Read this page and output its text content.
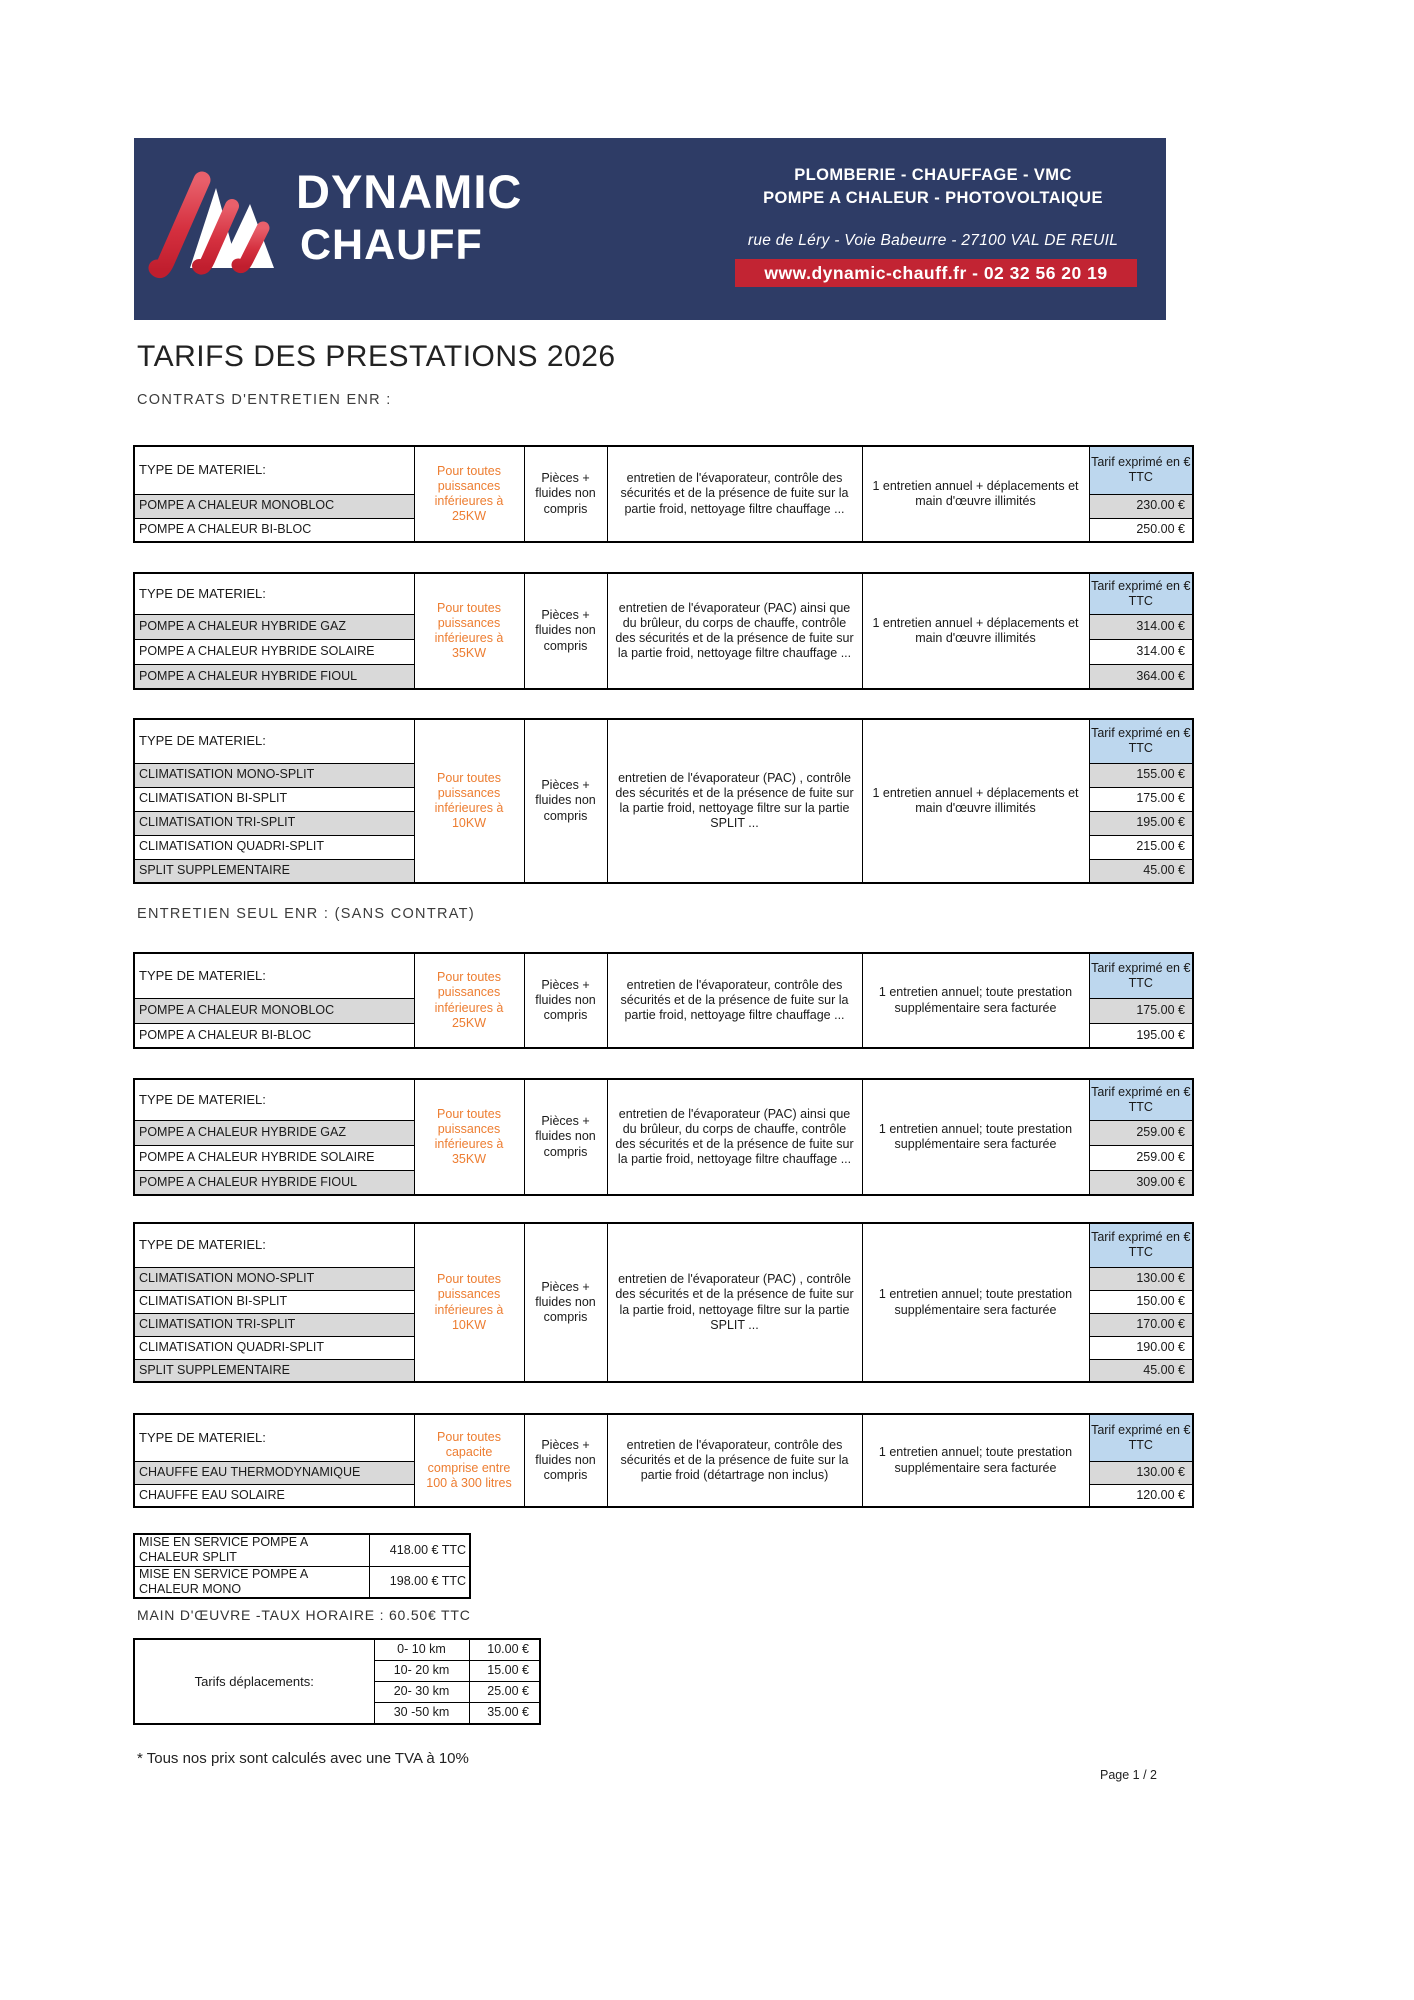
DYNAMIC
CHAUFF
PLOMBERIE - CHAUFFAGE - VMC
POMPE A CHALEUR - PHOTOVOLTAIQUE
rue de Léry - Voie Babeurre - 27100 VAL DE REUIL
www.dynamic-chauff.fr - 02 32 56 20 19
TARIFS DES PRESTATIONS 2026
CONTRATS D'ENTRETIEN ENR :
TYPE DE MATERIEL:	Pour toutes puissances inférieures à 25KW	Pièces + fluides non compris	entretien de l'évaporateur, contrôle des sécurités et de la présence de fuite sur la partie froid, nettoyage filtre chauffage ...	1 entretien annuel + déplacements et main d'œuvre illimités	Tarif exprimé en € TTC
POMPE A CHALEUR MONOBLOC					230.00 €
POMPE A CHALEUR BI-BLOC					250.00 €
TYPE DE MATERIEL:	Pour toutes puissances inférieures à 35KW	Pièces + fluides non compris	entretien de l'évaporateur (PAC) ainsi que du brûleur, du corps de chauffe, contrôle des sécurités et de la présence de fuite sur la partie froid, nettoyage filtre chauffage ...	1 entretien annuel + déplacements et main d'œuvre illimités	Tarif exprimé en € TTC
POMPE A CHALEUR HYBRIDE GAZ					314.00 €
POMPE A CHALEUR HYBRIDE SOLAIRE					314.00 €
POMPE A CHALEUR HYBRIDE FIOUL					364.00 €
TYPE DE MATERIEL:	Pour toutes puissances inférieures à 10KW	Pièces + fluides non compris	entretien de l'évaporateur (PAC) , contrôle des sécurités et de la présence de fuite sur la partie froid, nettoyage filtre sur la partie SPLIT ...	1 entretien annuel + déplacements et main d'œuvre illimités	Tarif exprimé en € TTC
CLIMATISATION MONO-SPLIT					155.00 €
CLIMATISATION BI-SPLIT					175.00 €
CLIMATISATION TRI-SPLIT					195.00 €
CLIMATISATION QUADRI-SPLIT					215.00 €
SPLIT SUPPLEMENTAIRE					45.00 €
ENTRETIEN SEUL ENR : (SANS CONTRAT)
TYPE DE MATERIEL:	Pour toutes puissances inférieures à 25KW	Pièces + fluides non compris	entretien de l'évaporateur, contrôle des sécurités et de la présence de fuite sur la partie froid, nettoyage filtre chauffage ...	1 entretien annuel; toute prestation supplémentaire sera facturée	Tarif exprimé en € TTC
POMPE A CHALEUR MONOBLOC					175.00 €
POMPE A CHALEUR BI-BLOC					195.00 €
TYPE DE MATERIEL:	Pour toutes puissances inférieures à 35KW	Pièces + fluides non compris	entretien de l'évaporateur (PAC) ainsi que du brûleur, du corps de chauffe, contrôle des sécurités et de la présence de fuite sur la partie froid, nettoyage filtre chauffage ...	1 entretien annuel; toute prestation supplémentaire sera facturée	Tarif exprimé en € TTC
POMPE A CHALEUR HYBRIDE GAZ					259.00 €
POMPE A CHALEUR HYBRIDE SOLAIRE					259.00 €
POMPE A CHALEUR HYBRIDE FIOUL					309.00 €
TYPE DE MATERIEL:	Pour toutes puissances inférieures à 10KW	Pièces + fluides non compris	entretien de l'évaporateur (PAC) , contrôle des sécurités et de la présence de fuite sur la partie froid, nettoyage filtre sur la partie SPLIT ...	1 entretien annuel; toute prestation supplémentaire sera facturée	Tarif exprimé en € TTC
CLIMATISATION MONO-SPLIT					130.00 €
CLIMATISATION BI-SPLIT					150.00 €
CLIMATISATION TRI-SPLIT					170.00 €
CLIMATISATION QUADRI-SPLIT					190.00 €
SPLIT SUPPLEMENTAIRE					45.00 €
TYPE DE MATERIEL:	Pour toutes capacite comprise entre 100 à 300 litres	Pièces + fluides non compris	entretien de l'évaporateur, contrôle des sécurités et de la présence de fuite sur la partie froid (détartrage non inclus)	1 entretien annuel; toute prestation supplémentaire sera facturée	Tarif exprimé en € TTC
CHAUFFE EAU THERMODYNAMIQUE					130.00 €
CHAUFFE EAU SOLAIRE					120.00 €
MISE EN SERVICE POMPE A CHALEUR SPLIT	418.00 € TTC
MISE EN SERVICE POMPE A CHALEUR MONO	198.00 € TTC
MAIN D'ŒUVRE -TAUX HORAIRE : 60.50€ TTC
Tarifs déplacements:	0- 10 km	10.00 €
	10- 20 km	15.00 €
	20- 30 km	25.00 €
	30 -50 km	35.00 €
* Tous nos prix sont calculés avec une TVA à 10%
Page 1 / 2
